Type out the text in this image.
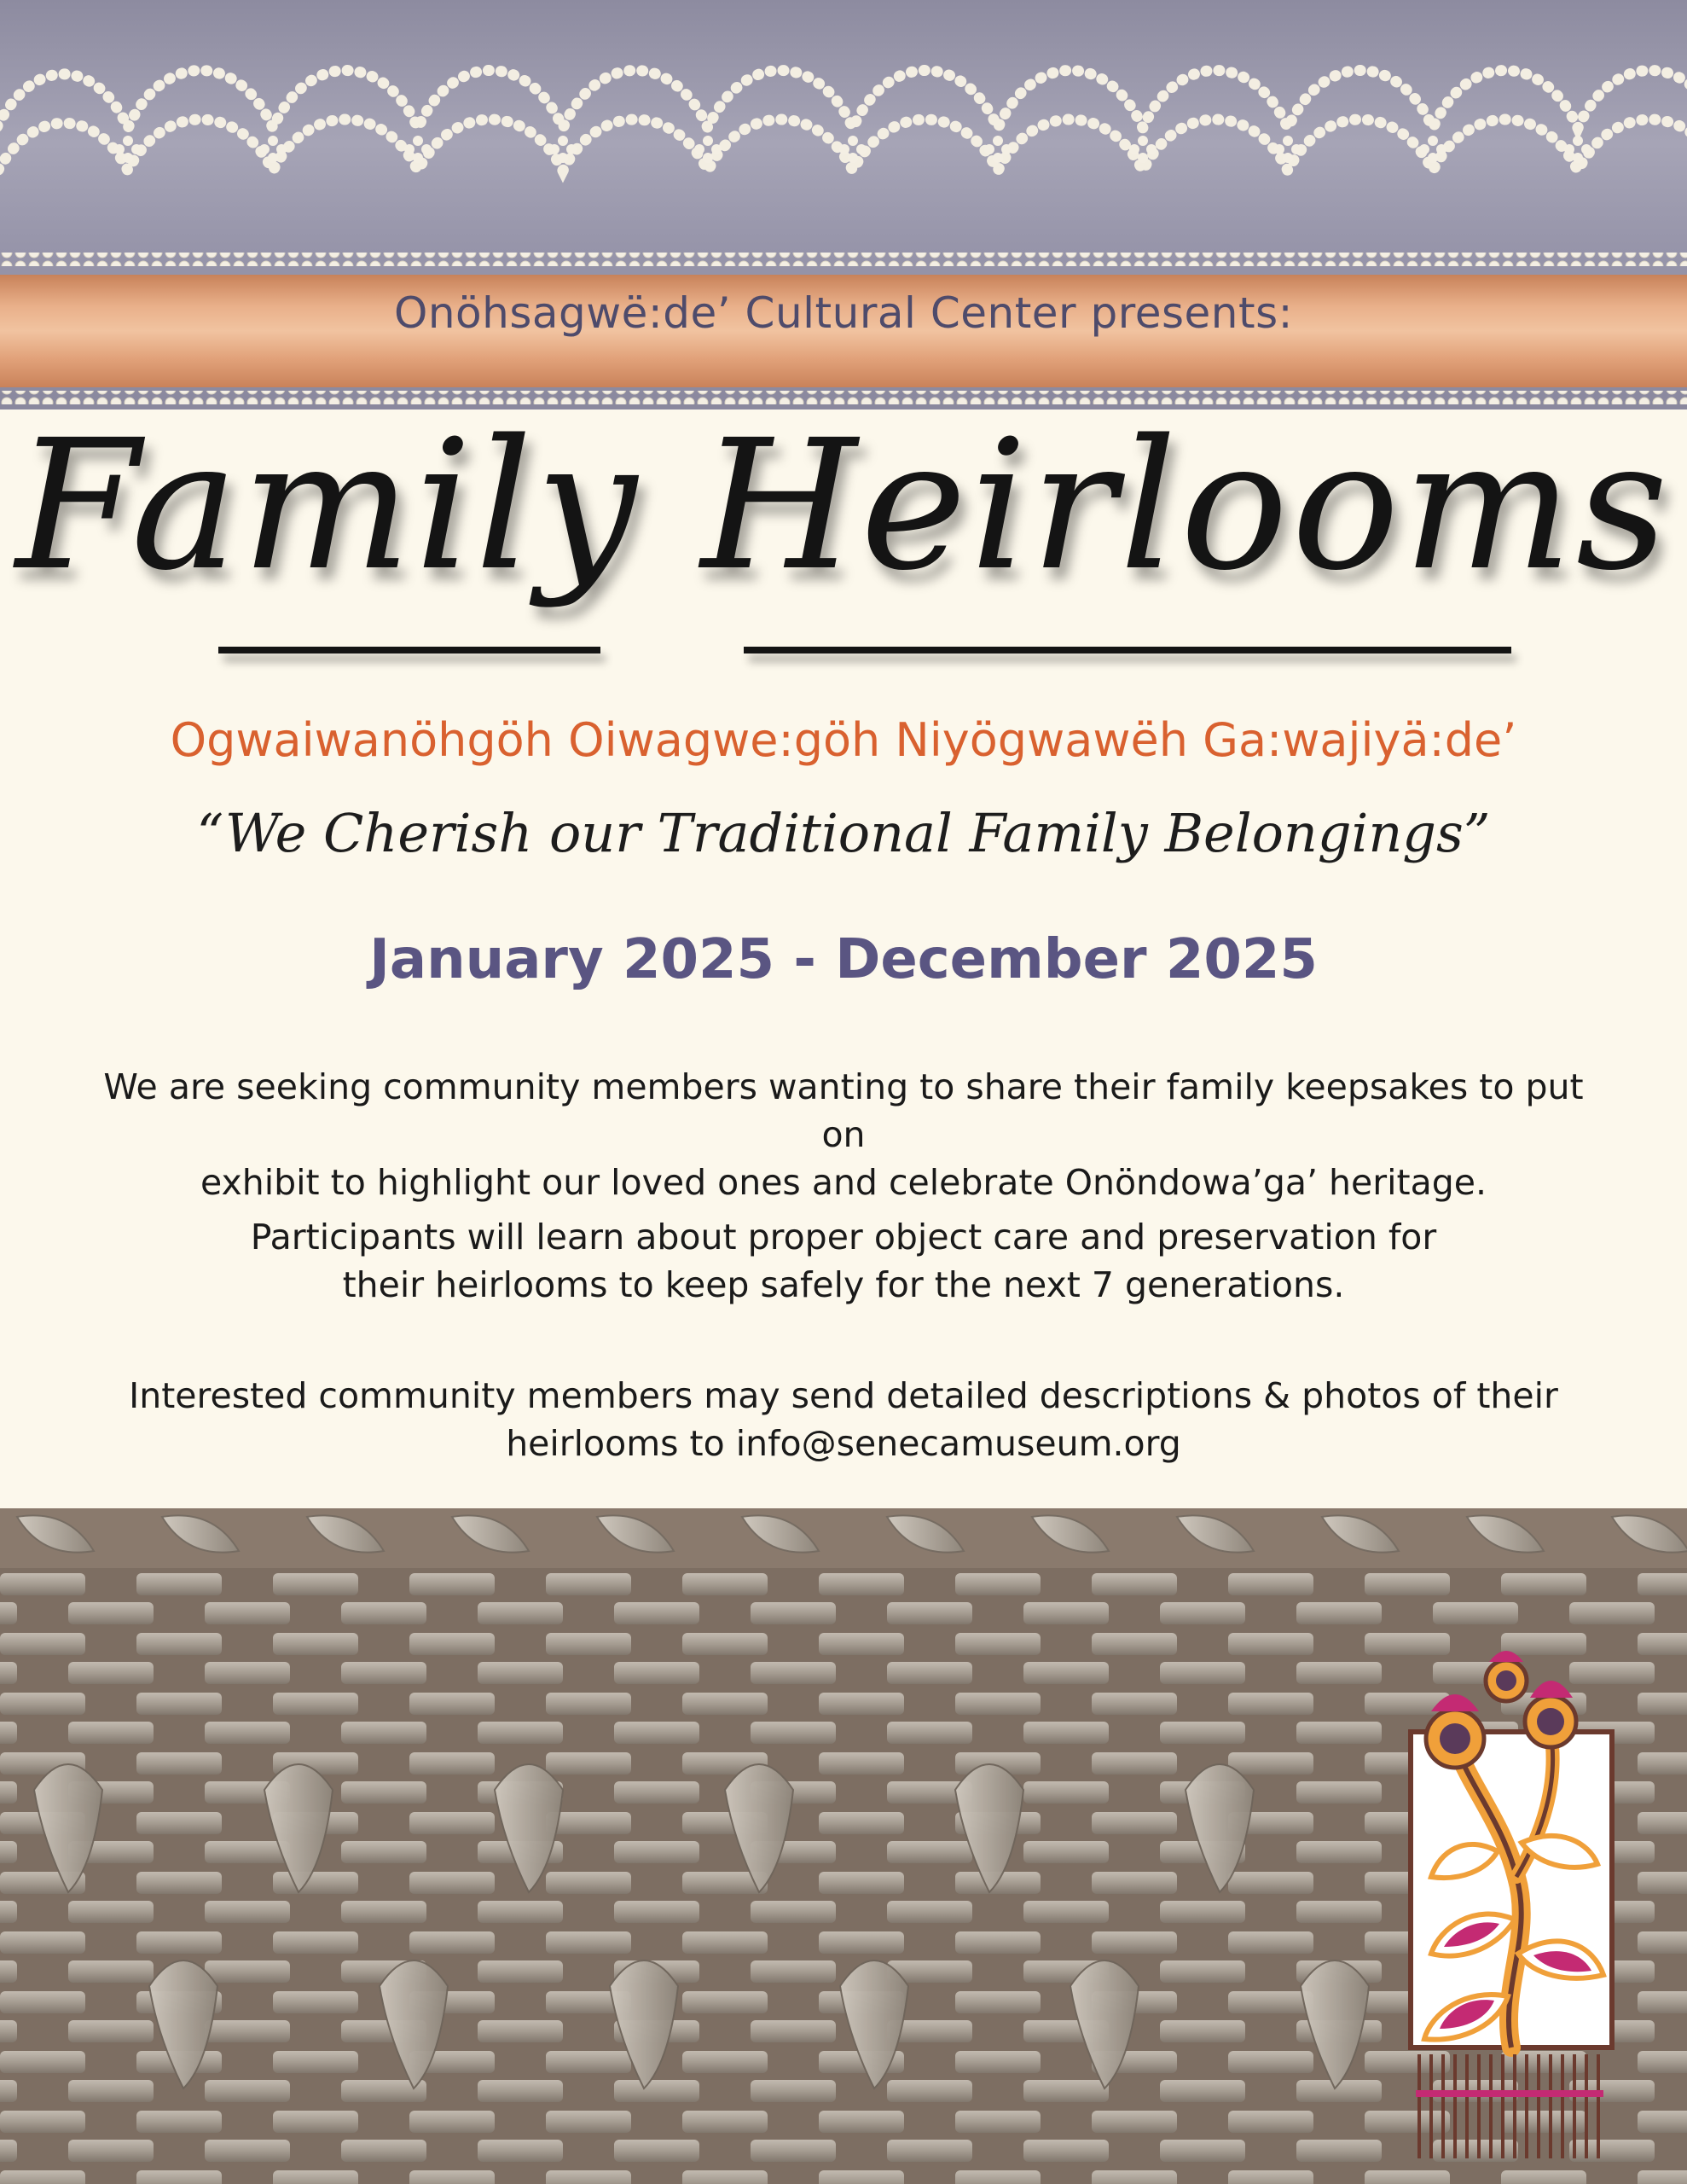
Onöhsagwë:de’ Cultural Center presents:
Family Heirlooms
Ogwaiwanöhgöh Oiwagwe:göh Niyögwawëh Ga:wajiyä:de’
“We Cherish our Traditional Family Belongings”
January 2025 - December 2025
We are seeking community members wanting to share their family keepsakes to put on
exhibit to highlight our loved ones and celebrate Onöndowa’ga’ heritage.
Participants will learn about proper object care and preservation for
their heirlooms to keep safely for the next 7 generations.
Interested community members may send detailed descriptions & photos of their
heirlooms to info@senecamuseum.org
